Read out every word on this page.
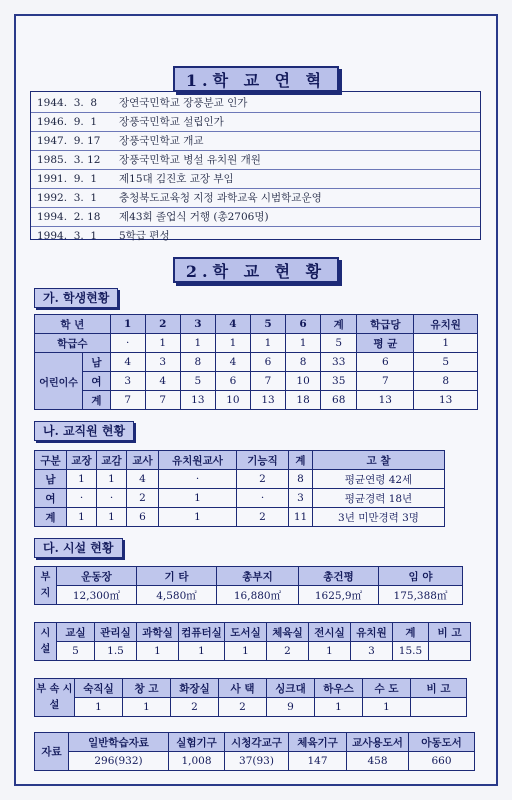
1.학 교 연 혁
1944.  3.  8	장연국민학교 장풍분교 인가
1946.  9.  1	장풍국민학교 설립인가
1947.  9. 17	장풍국민학교 개교
1985.  3. 12	장풍국민학교 병설 유치원 개원
1991.  9.  1	제15대 김진호 교장 부임
1992.  3.  1	충청북도교육청 지정 과학교육 시범학교운영
1994.  2. 18	제43회 졸업식 거행 (총2706명)
1994.  3.  1	5학급 편성
2.학 교 현 황
가. 학생현황
학 년		1	2	3	4	5	6	계	학급당	유치원
학급수		·	1	1	1	1	1	5	평 균	1
어린이수	남	4	3	8	4	6	8	33	6	5
	여	3	4	5	6	7	10	35	7	8
	계	7	7	13	10	13	18	68	13	13
나. 교직원 현황
구분	교장	교감	교사	유치원교사	기능직	계	고 찰
남	1	1	4	·	2	8	평균연령 42세
여	·	·	2	1	·	3	평균경력 18년
계	1	1	6	1	2	11	3년 미만경력 3명
다. 시설 현황
부 지	운동장	기 타	총부지	총건평	임 야
	12,300㎡	4,580㎡	16,880㎡	1625,9㎡	175,388㎡
시 설	교실	관리실	과학실	컴퓨터실	도서실	체육실	전시실	유치원	계	비 고
	5	1.5	1	1	1	2	1	3	15.5	
부 속 시 설	숙직실	창 고	화장실	사 택	싱크대	하우스	수 도	비 고
	1	1	2	2	9	1	1	
자료	일반학습자료	실험기구	시청각교구	체육기구	교사용도서	아동도서
	296(932)	1,008	37(93)	147	458	660
